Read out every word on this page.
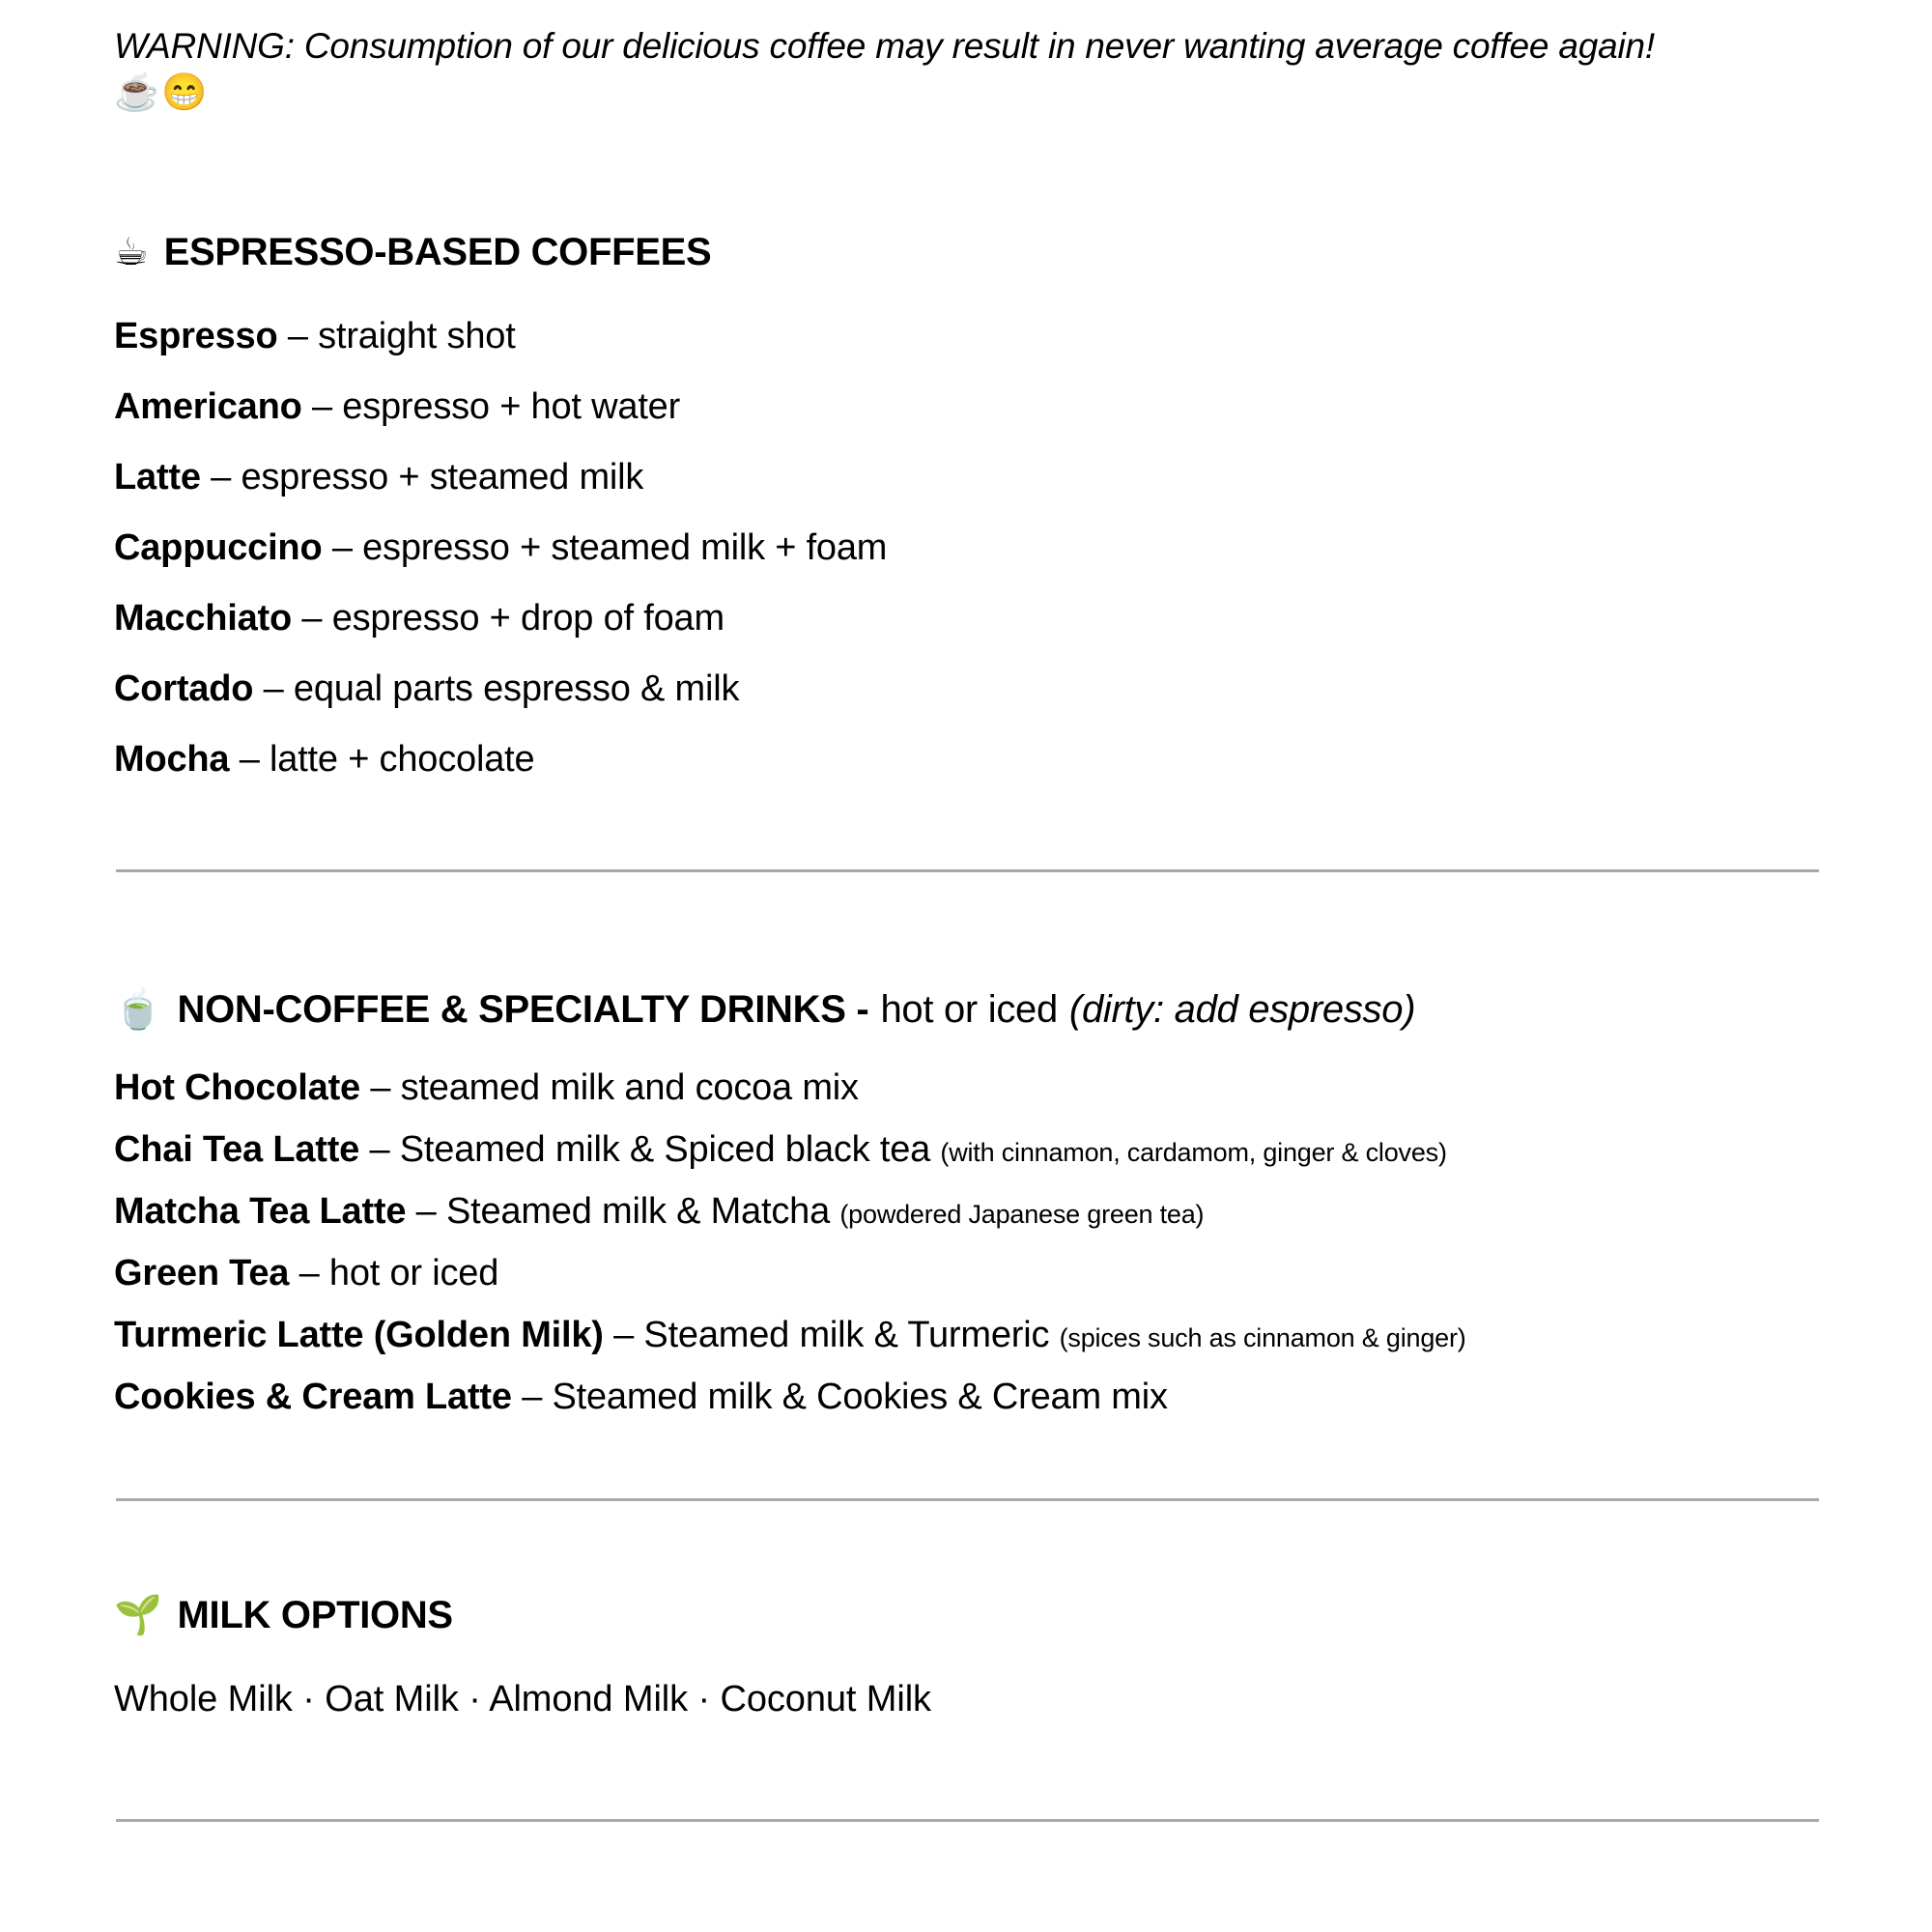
WARNING: Consumption of our delicious coffee may result in never wanting average coffee again!
☕😁
☕ ESPRESSO-BASED COFFEES
Espresso – straight shot
Americano – espresso + hot water
Latte – espresso + steamed milk
Cappuccino – espresso + steamed milk + foam
Macchiato – espresso + drop of foam
Cortado – equal parts espresso & milk
Mocha – latte + chocolate
🍵 NON-COFFEE & SPECIALTY DRINKS - hot or iced (dirty: add espresso)
Hot Chocolate – steamed milk and cocoa mix
Chai Tea Latte – Steamed milk & Spiced black tea (with cinnamon, cardamom, ginger & cloves)
Matcha Tea Latte – Steamed milk & Matcha (powdered Japanese green tea)
Green Tea – hot or iced
Turmeric Latte (Golden Milk) – Steamed milk & Turmeric (spices such as cinnamon & ginger)
Cookies & Cream Latte – Steamed milk & Cookies & Cream mix
🌱 MILK OPTIONS
Whole Milk · Oat Milk · Almond Milk · Coconut Milk
